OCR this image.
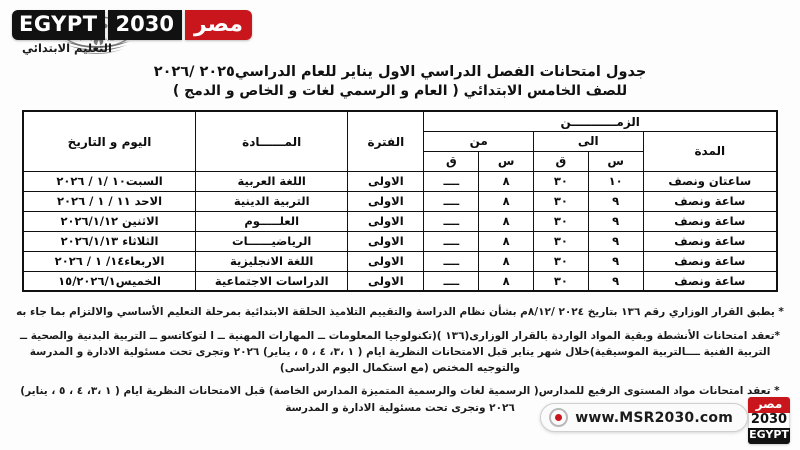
EGYPT 2030 مصر
التعليم الابتدائي
جدول امتحانات الفصل الدراسي الاول يناير للعام الدراسي٢٠٢٥ /٢٠٢٦
للصف الخامس الابتدائي ( العام و الرسمي لغات و الخاص و الدمج )
الزمـــــــــــن					الفترة	المــــــادة	اليوم و التاريخ
المدة	الى		من				
	س	ق	س	ق			
ساعتان ونصف	١٠	٣٠	٨	ــــ	الاولى	اللغة العربية	السبت١٠ /١ / ٢٠٢٦
ساعة ونصف	٩	٣٠	٨	ــــ	الاولى	التربية الدينية	الاحد ١١ / ١ / ٢٠٢٦
ساعة ونصف	٩	٣٠	٨	ــــ	الاولى	العلـــــوم	الاثنين ٢٠٢٦/١/١٢
ساعة ونصف	٩	٣٠	٨	ــــ	الاولى	الرياضيــــــات	الثلاثاء ٢٠٢٦/١/١٣
ساعة ونصف	٩	٣٠	٨	ــــ	الاولى	اللغة الانجليزية	الاربعاء١٤/ ١ / ٢٠٢٦
ساعة ونصف	٩	٣٠	٨	ــــ	الاولى	الدراسات الاجتماعية	الخميس١٥/٢٠٢٦/١
* يطبق القرار الوزاري رقم ١٣٦ بتاريخ ٢٠٢٤ /٨/١٢م بشأن نظام الدراسة والتقييم التلاميذ الحلقة الابتدائية بمرحلة التعليم الأساسي والالتزام بما جاء به
*تعقد امتحانات الأنشطة وبقية المواد الواردة بالقرار الوزارى(١٣٦ )(تكنولوجيا المعلومات ــ المهارات المهنية ــ ا لتوكاتسو ــ التربية البدنية والصحية ــ التربية الفنية ــــالتربية الموسيقية)خلال شهر يناير قبل الامتحانات النظرية ايام ( ١ ،٣، ٤ ، ٥ ، يناير) ٢٠٢٦ وتجرى تحت مسئولية الادارة و المدرسة والتوجيه المختص (مع استكمال اليوم الدراسى)
* تعقد امتحانات مواد المستوى الرفيع للمدارس( الرسمية لغات والرسمية المتميزة المدارس الخاصة) قبل الامتحانات النظرية ايام ( ١ ،٣، ٤ ، ٥ ، يناير) ٢٠٢٦ وتجرى تحت مسئولية الادارة و المدرسة	مصر
2030
EGYPT
www.MSR2030.com
